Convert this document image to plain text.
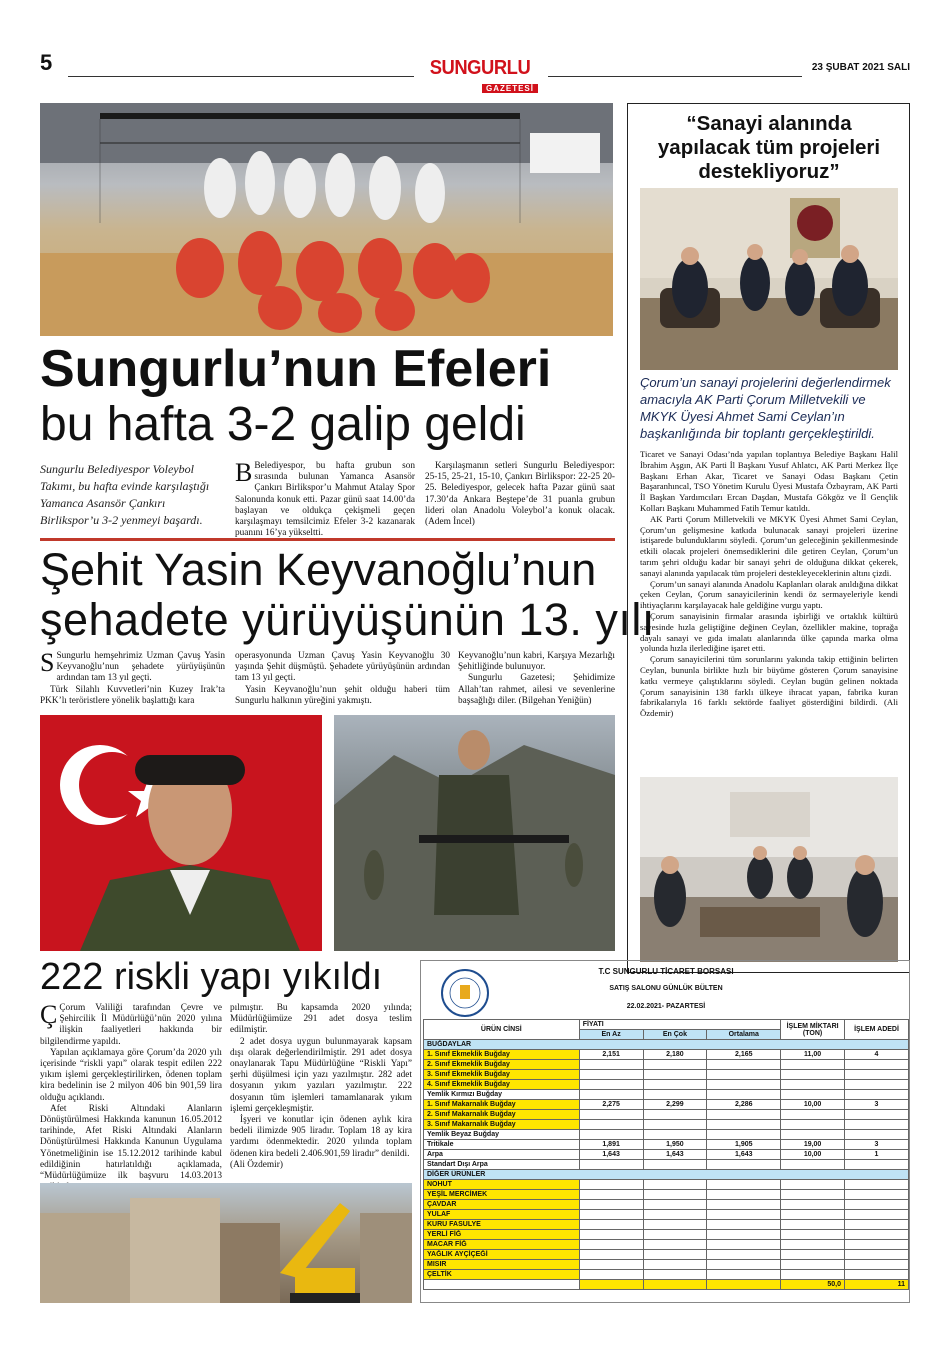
5	SUNGURLU
GAZETESİ
23 ŞUBAT 2021 SALI
Sungurlu’nun Efeleri
bu hafta 3-2 galip geldi
Sungurlu Belediyespor Voleybol Takımı, bu hafta evinde karşılaştığı Yamanca Asansör Çankırı Birlikspor’u 3-2 yenmeyi başardı.
B Belediyespor, bu hafta grubun son sırasında bulunan Yamanca Asansör Çankırı Birlikspor’u Mahmut Atalay Spor Salonunda konuk etti. Pazar günü saat 14.00’da başlayan ve oldukça çekişmeli geçen karşılaşmayı temsilcimiz Efeler 3-2 kazanarak puanını 16’ya yükseltti.
Karşılaşmanın setleri Sungurlu Belediyespor: 25-15, 25-21, 15-10, Çankırı Birlikspor: 22-25 20-25. Belediyespor, gelecek hafta Pazar günü saat 17.30’da Ankara Beştepe’de 31 puanla grubun lideri olan Anadolu Voleybol’a konuk olacak. (Adem İncel)
Şehit Yasin Keyvanoğlu’nun
şehadete yürüyüşünün 13. yılı
S Sungurlu hemşehrimiz Uzman Çavuş Yasin Keyvanoğlu’nun şehadete yürüyüşünün ardından tam 13 yıl geçti.

Türk Silahlı Kuvvetleri’nin Kuzey Irak’ta PKK’lı teröristlere yönelik başlattığı kara

operasyonunda Uzman Çavuş Yasin Keyvanoğlu 30 yaşında Şehit düşmüştü. Şehadete yürüyüşünün ardından tam 13 yıl geçti.

Yasin Keyvanoğlu’nun şehit olduğu haberi tüm Sungurlu halkının yüreğini yakmıştı.

Keyvanoğlu’nun kabri, Karşıya Mezarlığı Şehitliğinde bulunuyor.

Sungurlu Gazetesi; Şehidimize Allah’tan rahmet, ailesi ve sevenlerine başsağlığı diler. (Bilgehan Yeniğün)

“Sanayi alanında yapılacak tüm projeleri destekliyoruz”
Çorum’un sanayi projelerini değerlendirmek amacıyla AK Parti Çorum Milletvekili ve MKYK Üyesi Ahmet Sami Ceylan’ın başkanlığında bir toplantı gerçekleştirildi.
Ticaret ve Sanayi Odası’nda yapılan toplantıya Belediye Başkanı Halil İbrahim Aşgın, AK Parti İl Başkanı Yusuf Ahlatcı, AK Parti Merkez İlçe Başkanı Erhan Akar, Ticaret ve Sanayi Odası Başkanı Çetin Başaranhıncal, TSO Yönetim Kurulu Üyesi Mustafa Özbayram, AK Parti İl Başkan Yardımcıları Ercan Daşdan, Mustafa Gökgöz ve İl Gençlik Kolları Başkanı Muhammed Fatih Temur katıldı.

AK Parti Çorum Milletvekili ve MKYK Üyesi Ahmet Sami Ceylan, Çorum’un gelişmesine katkıda bulunacak sanayi projeleri üzerine istişarede bulunduklarını söyledi. Çorum’un geleceğinin şekillenmesinde etkili olacak projeleri önemsediklerini dile getiren Ceylan, Çorum’un tarım şehri olduğu kadar bir sanayi şehri de olduğuna dikkat çekerek, sanayi alanında yapılacak tüm projeleri destekleyeceklerinin altını çizdi.

Çorum’un sanayi alanında Anadolu Kaplanları olarak anıldığına dikkat çeken Ceylan, Çorum sanayicilerinin kendi öz sermayeleriyle kendi ihtiyaçlarını karşılayacak hale geldiğine vurgu yaptı.

Çorum sanayisinin firmalar arasında işbirliği ve ortaklık kültürü sayesinde hızla geliştiğine değinen Ceylan, özellikler makine, toprağa dayalı sanayi ve gıda imalatı alanlarında ülke çapında marka olma yolunda hızla ilerlediğine işaret etti.

Çorum sanayicilerini tüm sorunlarını yakında takip ettiğinin belirten Ceylan, bununla birlikte hızlı bir büyüme gösteren Çorum sanayisine katkı vermeye çalıştıklarını söyledi. Ceylan bugün gelinen noktada Çorum sanayisinin 138 farklı ülkeye ihracat yapan, fabrika kuran fabrikalarıyla 16 farklı sektörde faaliyet gösterdiğini bildirdi. (Ali Özdemir)

222 riskli yapı yıkıldı
Ç Çorum Valiliği tarafından Çevre ve Şehircilik İl Müdürlüğü’nün 2020 yılına ilişkin faaliyetleri hakkında bir bilgilendirme yapıldı.

Yapılan açıklamaya göre Çorum’da 2020 yılı içerisinde “riskli yapı” olarak tespit edilen 222 yıkım işlemi gerçekleştirilirken, ödenen toplam kira bedelinin ise 2 milyon 406 bin 901,59 lira olduğu açıklandı.

Afet Riski Altındaki Alanların Dönüştürülmesi Hakkında kanunun 16.05.2012 tarihinde, Afet Riski Altındaki Alanların Dönüştürülmesi Hakkında Kanunun Uygulama Yönetmeliğinin ise 15.12.2012 tarihinde kabul edildiğinin hatırlatıldığı açıklamada, “Müdürlüğümüze ilk başvuru 14.03.2013

pılmıştır. Bu kapsamda 2020 yılında; Müdürlüğümüze 291 adet dosya teslim edilmiştir.

2 adet dosya uygun bulunmayarak kapsam dışı olarak değerlendirilmiştir. 291 adet dosya onaylanarak Tapu Müdürlüğüne “Riskli Yapı” şerhi düşülmesi için yazı yazılmıştır. 282 adet dosyanın yıkım yazıları yazılmıştır. 222 dosyanın tüm işlemleri tamamlanarak yıkım işlemi gerçekleşmiştir.

İşyeri ve konutlar için ödenen aylık kira bedeli ilimizde 905 liradır. Toplam 18 ay kira yardımı ödenmektedir. 2020 yılında toplam ödenen kira bedeli 2.406.901,59 liradır” denildi.

(Ali Özdemir)
T.C SUNGURLU TİCARET BORSASI
SATIŞ SALONU GÜNLÜK BÜLTEN
22.02.2021- PAZARTESİ
ÜRÜN CİNSİ	FİYATI			İŞLEM MİKTARI (TON)	İŞLEM ADEDİ
	En Az	En Çok	Ortalama		
BUĞDAYLAR					
1. Sınıf Ekmeklik Buğday	2,151	2,180	2,165	11,00	4
2. Sınıf Ekmeklik Buğday					
3. Sınıf Ekmeklik Buğday					
4. Sınıf Ekmeklik Buğday					
Yemlik Kırmızı Buğday					
1. Sınıf Makarnalık Buğday	2,275	2,299	2,286	10,00	3
2. Sınıf Makarnalık Buğday					
3. Sınıf Makarnalık Buğday					
Yemlik Beyaz Buğday					
Tritikale	1,891	1,950	1,905	19,00	3
Arpa	1,643	1,643	1,643	10,00	1
Standart Dışı Arpa					
DİĞER ÜRÜNLER					
NOHUT					
YEŞİL MERCİMEK					
ÇAVDAR					
YULAF					
KURU FASULYE					
YERLİ FİĞ					
MACAR FİĞ					
YAĞLIK AYÇİÇEĞİ					
MISIR					
ÇELTİK					
				50,0	11
